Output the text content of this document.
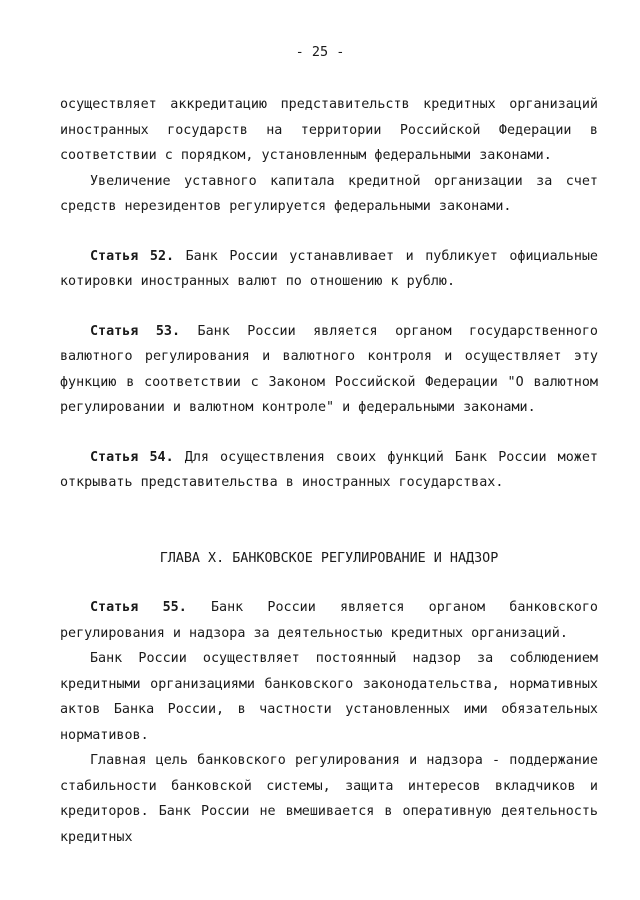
- 25 -

осуществляет аккредитацию представительств кредитных организаций иностранных государств на территории Российской Федерации в соответствии с порядком, установленным федеральными законами.

Увеличение уставного капитала кредитной организации за счет средств нерезидентов регулируется федеральными законами.

Статья 52. Банк России устанавливает и публикует официальные котировки иностранных валют по отношению к рублю.

Статья 53. Банк России является органом государственного валютного регулирования и валютного контроля и осуществляет эту функцию в соответствии с Законом Российской Федерации "О валютном регулировании и валютном контроле" и федеральными законами.

Статья 54. Для осуществления своих функций Банк России может открывать представительства в иностранных государствах.

ГЛАВА X. БАНКОВСКОЕ РЕГУЛИРОВАНИЕ И НАДЗОР

Статья 55. Банк России является органом банковского регулирования и надзора за деятельностью кредитных организаций.

Банк России осуществляет постоянный надзор за соблюдением кредитными организациями банковского законодательства, нормативных актов Банка России, в частности установленных ими обязательных нормативов.

Главная цель банковского регулирования и надзора - поддержание стабильности банковской системы, защита интересов вкладчиков и кредиторов. Банк России не вмешивается в оперативную деятельность кредитных
